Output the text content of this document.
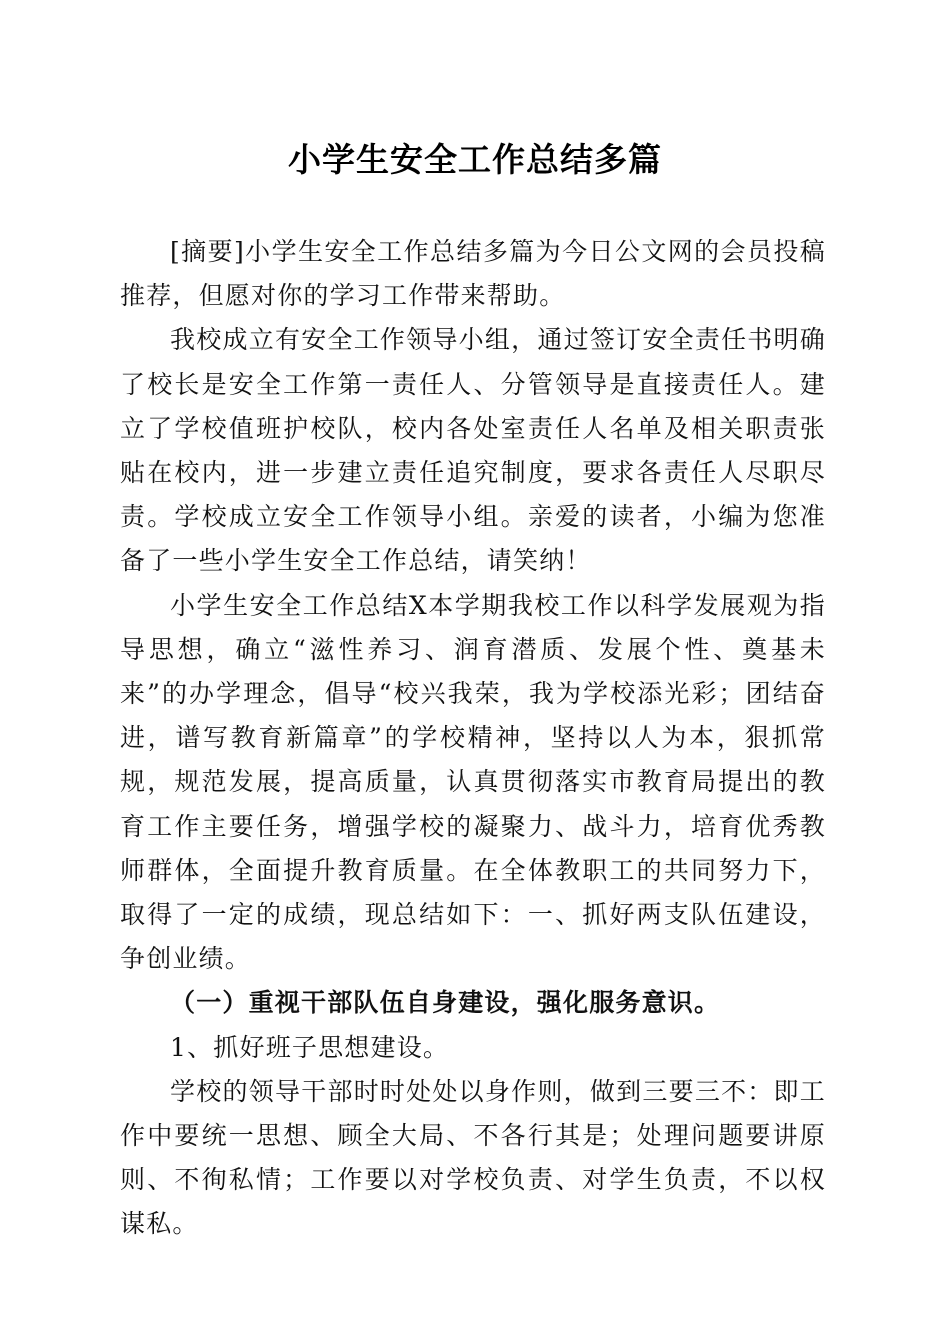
小学生安全工作总结多篇

[摘要]小学生安全工作总结多篇为今日公文网的会员投稿推荐，但愿对你的学习工作带来帮助。

我校成立有安全工作领导小组，通过签订安全责任书明确了校长是安全工作第一责任人、分管领导是直接责任人。建立了学校值班护校队，校内各处室责任人名单及相关职责张贴在校内，进一步建立责任追究制度，要求各责任人尽职尽责。学校成立安全工作领导小组。亲爱的读者，小编为您准备了一些小学生安全工作总结，请笑纳！

小学生安全工作总结X本学期我校工作以科学发展观为指导思想，确立“滋性养习、润育潜质、发展个性、奠基未来”的办学理念，倡导“校兴我荣，我为学校添光彩；团结奋进，谱写教育新篇章”的学校精神，坚持以人为本，狠抓常规，规范发展，提高质量，认真贯彻落实市教育局提出的教育工作主要任务，增强学校的凝聚力、战斗力，培育优秀教师群体，全面提升教育质量。在全体教职工的共同努力下，取得了一定的成绩，现总结如下：一、抓好两支队伍建设，争创业绩。

（一）重视干部队伍自身建设，强化服务意识。

1、抓好班子思想建设。

学校的领导干部时时处处以身作则，做到三要三不：即工作中要统一思想、顾全大局、不各行其是；处理问题要讲原则、不徇私情；工作要以对学校负责、对学生负责，不以权谋私。
